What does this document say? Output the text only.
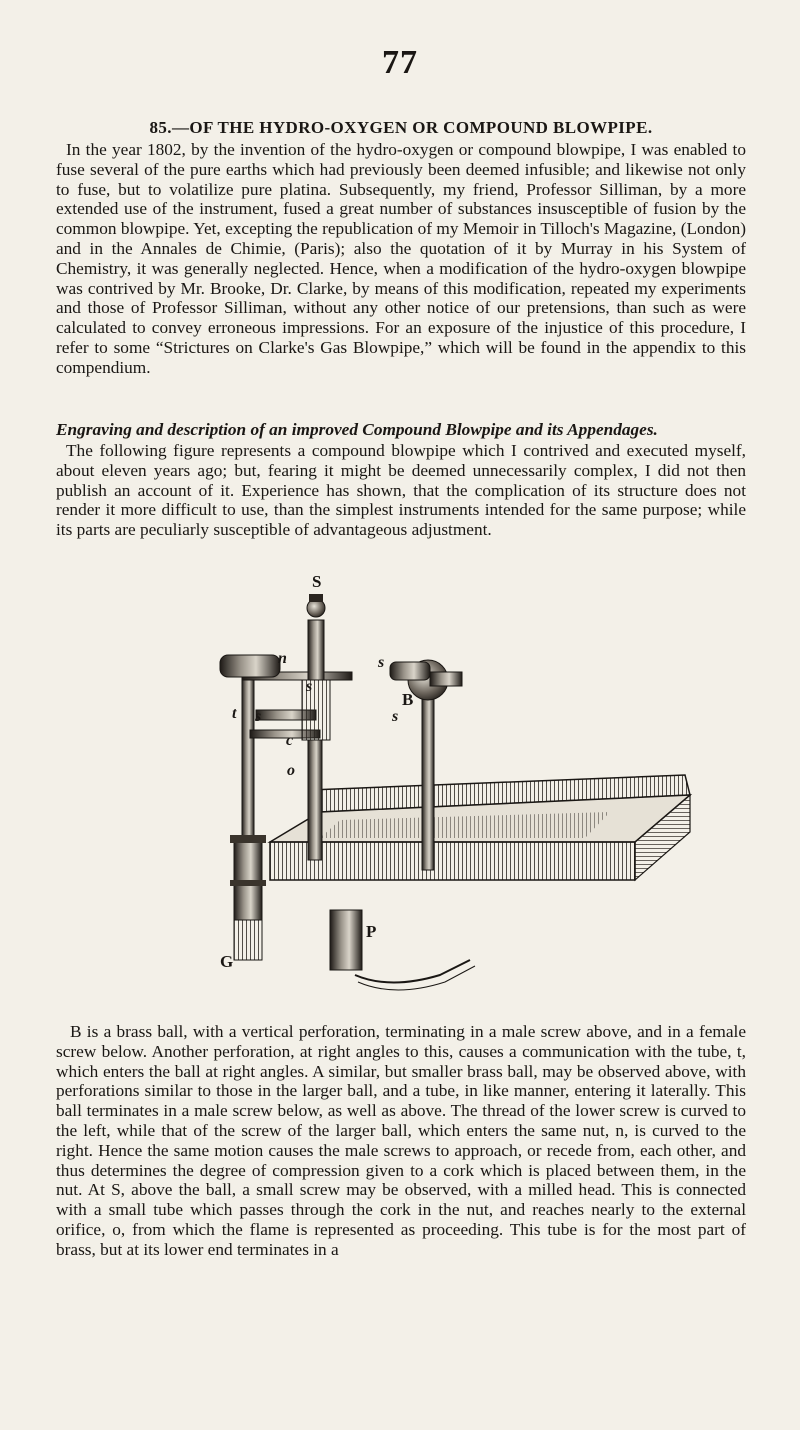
77
85.—OF THE HYDRO-OXYGEN OR COMPOUND BLOWPIPE.

In the year 1802, by the invention of the hydro-oxygen or compound blowpipe, I was enabled to fuse several of the pure earths which had previously been deemed infusible; and likewise not only to fuse, but to volatilize pure platina. Subsequently, my friend, Professor Silliman, by a more extended use of the instrument, fused a great number of substances insusceptible of fusion by the common blowpipe. Yet, excepting the republication of my Memoir in Tilloch's Magazine, (London) and in the Annales de Chimie, (Paris); also the quotation of it by Murray in his System of Chemistry, it was generally neglected. Hence, when a modification of the hydro-oxygen blowpipe was contrived by Mr. Brooke, Dr. Clarke, by means of this modification, repeated my experiments and those of Professor Silliman, without any other notice of our pretensions, than such as were calculated to convey erroneous impressions. For an exposure of the injustice of this procedure, I refer to some “Strictures on Clarke's Gas Blowpipe,” which will be found in the appendix to this compendium.

Engraving and description of an improved Compound Blowpipe and its Appendages.

The following figure represents a compound blowpipe which I contrived and executed myself, about eleven years ago; but, fearing it might be deemed unnecessarily complex, I did not then publish an account of it. Experience has shown, that the complication of its structure does not render it more difficult to use, than the simplest instruments intended for the same purpose; while its parts are peculiarly susceptible of advantageous adjustment.

S
n
s
s
B
t s	s
c
o
G
P

B is a brass ball, with a vertical perforation, terminating in a male screw above, and in a female screw below. Another perforation, at right angles to this, causes a communication with the tube, t, which enters the ball at right angles. A similar, but smaller brass ball, may be observed above, with perforations similar to those in the larger ball, and a tube, in like manner, entering it laterally. This ball terminates in a male screw below, as well as above. The thread of the lower screw is curved to the left, while that of the screw of the larger ball, which enters the same nut, n, is curved to the right. Hence the same motion causes the male screws to approach, or recede from, each other, and thus determines the degree of compression given to a cork which is placed between them, in the nut. At S, above the ball, a small screw may be observed, with a milled head. This is connected with a small tube which passes through the cork in the nut, and reaches nearly to the external orifice, o, from which the flame is represented as proceeding. This tube is for the most part of brass, but at its lower end terminates in a
